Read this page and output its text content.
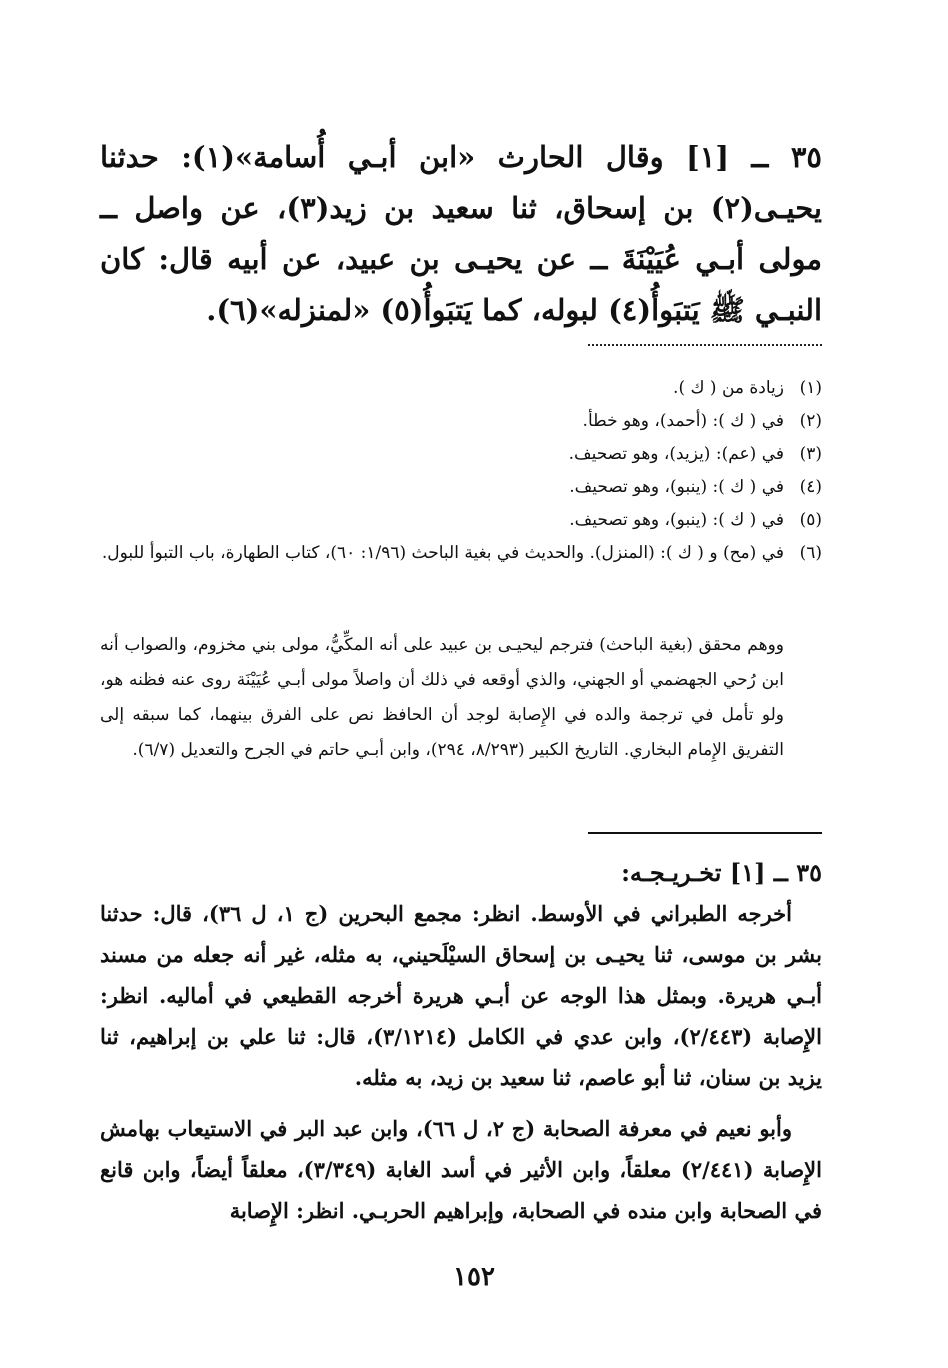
٣٥ ــ [١] وقال الحارث «ابن أبـي أُسامة»(١): حدثنا يحيـى(٢) بن إسحاق، ثنا سعيد بن زيد(٣)، عن واصل ــ مولى أبـي عُيَيْنَةَ ــ عن يحيـى بن عبيد، عن أبيه قال: كان النبـي ﷺ يَتبَوأُ(٤) لبوله، كما يَتبَوأُ(٥) «لمنزله»(٦).
(١)
زيادة من ( ك ).
(٢)
في ( ك ): (أحمد)، وهو خطأ.
(٣)
في (عم): (يزيد)، وهو تصحيف.
(٤)
في ( ك ): (ينبو)، وهو تصحيف.
(٥)
في ( ك ): (ينبو)، وهو تصحيف.
(٦)
في (مح) و ( ك ): (المنزل). والحديث في بغية الباحث (١/٩٦: ٦٠)، كتاب الطهارة، باب التبوأ للبول.
ووهم محقق (بغية الباحث) فترجم ليحيـى بن عبيد على أنه المكِّيُّ، مولى بني مخزوم، والصواب أنه ابن رُحي الجهضمي أو الجهني، والذي أوقعه في ذلك أن واصلاً مولى أبـي عُيَيْنَة روى عنه فظنه هو، ولو تأمل في ترجمة والده في الإِصابة لوجد أن الحافظ نص على الفرق بينهما، كما سبقه إلى التفريق الإِمام البخاري. التاريخ الكبير (٨/٢٩٣، ٢٩٤)، وابن أبـي حاتم في الجرح والتعديل (٦/٧).
٣٥ ــ [١] تخـريـجـه:

أخرجه الطبراني في الأوسط. انظر: مجمع البحرين (ج ١، ل ٣٦)، قال: حدثنا بشر بن موسى، ثنا يحيـى بن إسحاق السيْلَحيني، به مثله، غير أنه جعله من مسند أبـي هريرة. وبمثل هذا الوجه عن أبـي هريرة أخرجه القطيعي في أماليه. انظر: الإِصابة (٢/٤٤٣)، وابن عدي في الكامل (٣/١٢١٤)، قال: ثنا علي بن إبراهيم، ثنا يزيد بن سنان، ثنا أبو عاصم، ثنا سعيد بن زيد، به مثله.

وأبو نعيم في معرفة الصحابة (ج ٢، ل ٦٦)، وابن عبد البر في الاستيعاب بهامش الإِصابة (٢/٤٤١) معلقاً، وابن الأثير في أسد الغابة (٣/٣٤٩)، معلقاً أيضاً، وابن قانع في الصحابة وابن منده في الصحابة، وإبراهيم الحربـي. انظر: الإِصابة

١٥٢
